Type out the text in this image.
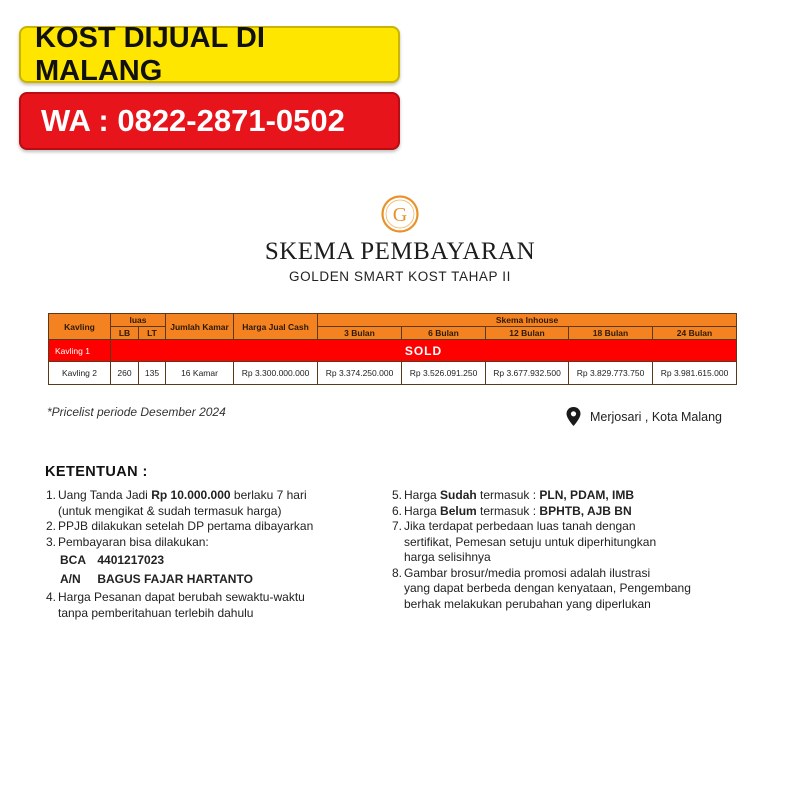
KOST DIJUAL DI MALANG
WA : 0822-2871-0502
G
SKEMA PEMBAYARAN
GOLDEN SMART KOST TAHAP II
Kavling	luas		Jumlah Kamar	Harga Jual Cash	Skema Inhouse				
	LB	LT			3 Bulan	6 Bulan	12 Bulan	18 Bulan	24 Bulan
Kavling 1	SOLD								
Kavling 2	260	135	16 Kamar	Rp 3.300.000.000	Rp 3.374.250.000	Rp 3.526.091.250	Rp 3.677.932.500	Rp 3.829.773.750	Rp 3.981.615.000
*Pricelist periode Desember 2024	Merjosari , Kota Malang
KETENTUAN :
1. Uang Tanda Jadi Rp 10.000.000 berlaku 7 hari
(untuk mengikat & sudah termasuk harga)
2. PPJB dilakukan setelah DP pertama dibayarkan
3. Pembayaran bisa dilakukan:
BCA 4401217023
A/N BAGUS FAJAR HARTANTO
4. Harga Pesanan dapat berubah sewaktu-waktu
tanpa pemberitahuan terlebih dahulu
5. Harga Sudah termasuk : PLN, PDAM, IMB
6. Harga Belum termasuk : BPHTB, AJB BN
7. Jika terdapat perbedaan luas tanah dengan
sertifikat, Pemesan setuju untuk diperhitungkan
harga selisihnya
8. Gambar brosur/media promosi adalah ilustrasi
yang dapat berbeda dengan kenyataan, Pengembang
berhak melakukan perubahan yang diperlukan
